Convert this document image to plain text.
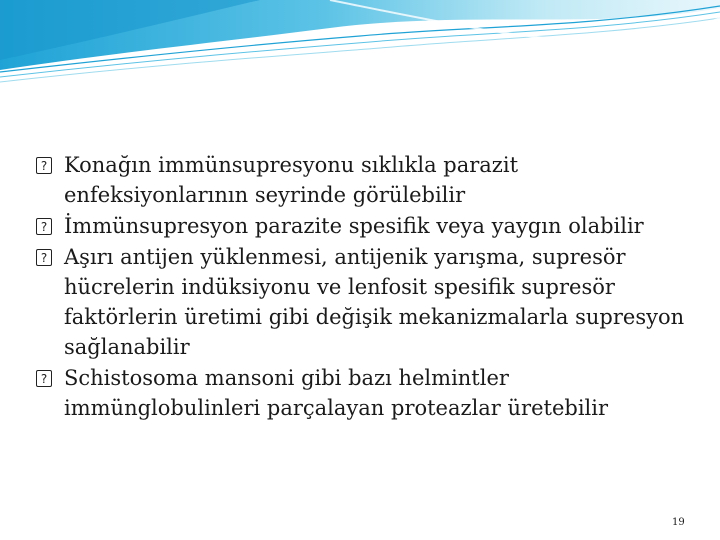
? Konağın immünsupresyonu sıklıkla parazit enfeksiyonlarının seyrinde görülebilir
? İmmünsupresyon parazite spesifik veya yaygın olabilir
? Aşırı antijen yüklenmesi, antijenik yarışma, supresör hücrelerin indüksiyonu ve lenfosit spesifik supresör faktörlerin üretimi gibi değişik mekanizmalarla supresyon sağlanabilir
? Schistosoma mansoni gibi bazı helmintler immünglobulinleri parçalayan proteazlar üretebilir
19
